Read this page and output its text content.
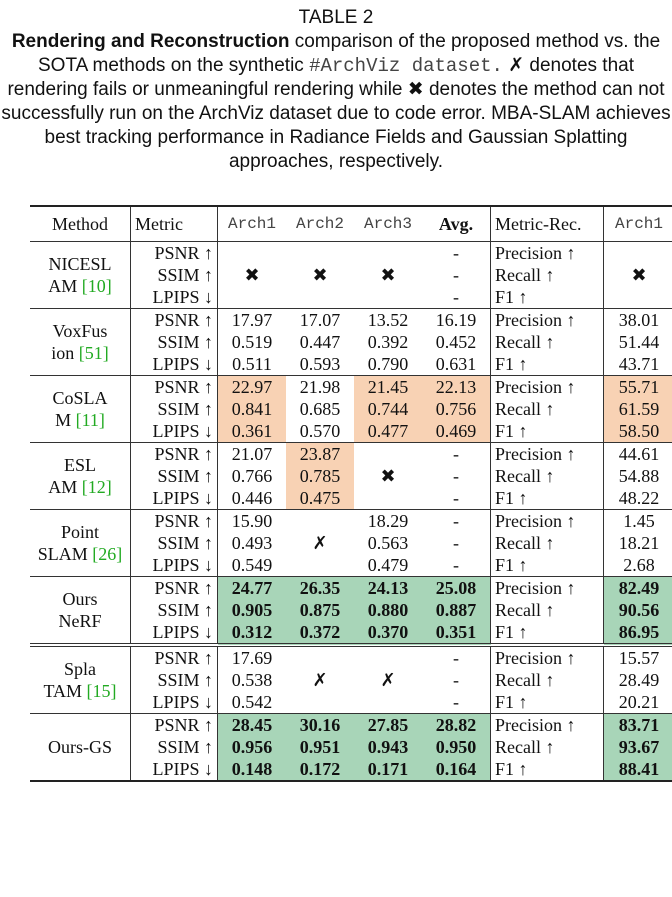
TABLE 2
Rendering and Reconstruction comparison of the proposed method vs. the SOTA methods on the synthetic #ArchViz dataset. ✗ denotes that rendering fails or unmeaningful rendering while ✖ denotes the method can not successfully run on the ArchViz dataset due to code error. MBA-SLAM achieves best tracking performance in Radiance Fields and Gaussian Splatting approaches, respectively.
Method	Metric	Arch1	Arch2	Arch3	Avg.	Metric-Rec.	Arch1
NICESL
AM [10]	PSNR ↑				-	Precision ↑	
	SSIM ↑	✖	✖	✖	-	Recall ↑	✖
	LPIPS ↓				-	F1 ↑	
VoxFus
ion [51]	PSNR ↑	17.97	17.07	13.52	16.19	Precision ↑	38.01
	SSIM ↑	0.519	0.447	0.392	0.452	Recall ↑	51.44
	LPIPS ↓	0.511	0.593	0.790	0.631	F1 ↑	43.71
CoSLA
M [11]	PSNR ↑	22.97	21.98	21.45	22.13	Precision ↑	55.71
	SSIM ↑	0.841	0.685	0.744	0.756	Recall ↑	61.59
	LPIPS ↓	0.361	0.570	0.477	0.469	F1 ↑	58.50
ESL
AM [12]	PSNR ↑	21.07	23.87		-	Precision ↑	44.61
	SSIM ↑	0.766	0.785	✖	-	Recall ↑	54.88
	LPIPS ↓	0.446	0.475		-	F1 ↑	48.22
Point
SLAM [26]	PSNR ↑	15.90		18.29	-	Precision ↑	1.45
	SSIM ↑	0.493	✗	0.563	-	Recall ↑	18.21
	LPIPS ↓	0.549		0.479	-	F1 ↑	2.68
Ours
NeRF	PSNR ↑	24.77	26.35	24.13	25.08	Precision ↑	82.49
	SSIM ↑	0.905	0.875	0.880	0.887	Recall ↑	90.56
	LPIPS ↓	0.312	0.372	0.370	0.351	F1 ↑	86.95
Spla
TAM [15]	PSNR ↑	17.69			-	Precision ↑	15.57
	SSIM ↑	0.538	✗	✗	-	Recall ↑	28.49
	LPIPS ↓	0.542			-	F1 ↑	20.21
Ours-GS	PSNR ↑	28.45	30.16	27.85	28.82	Precision ↑	83.71
	SSIM ↑	0.956	0.951	0.943	0.950	Recall ↑	93.67
	LPIPS ↓	0.148	0.172	0.171	0.164	F1 ↑	88.41
